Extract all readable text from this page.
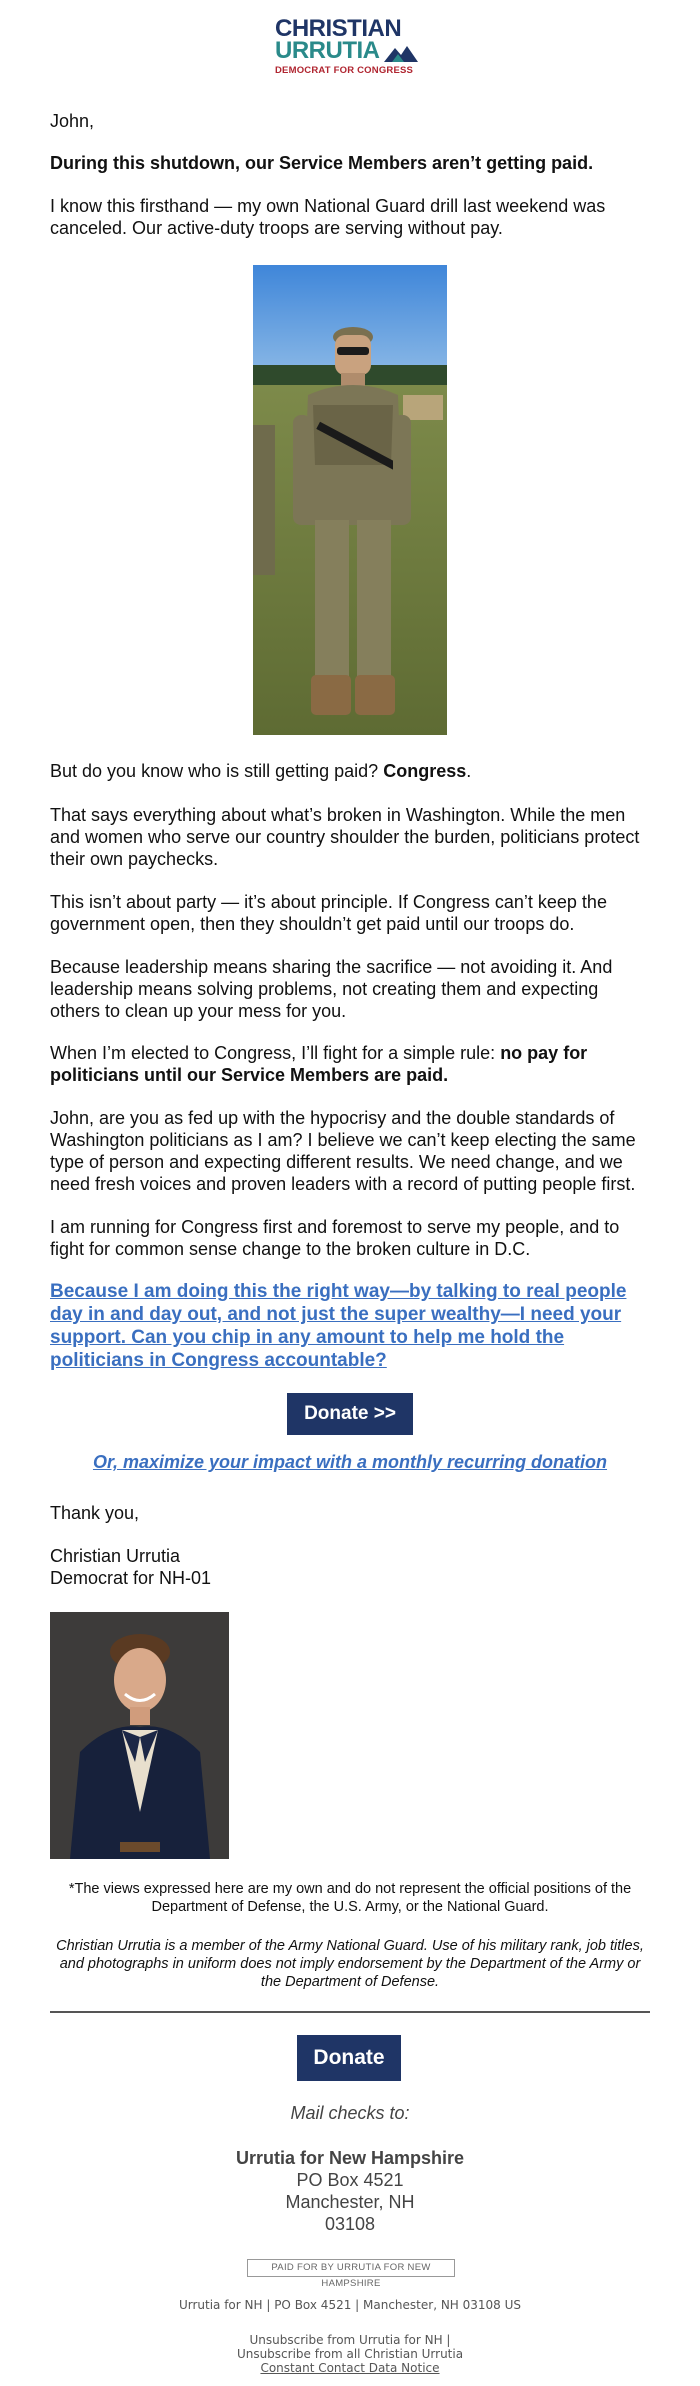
CHRISTIAN
URRUTIA
DEMOCRAT FOR CONGRESS
John,
During this shutdown, our Service Members aren’t getting paid.
I know this firsthand — my own National Guard drill last weekend was canceled. Our active-duty troops are serving without pay.
But do you know who is still getting paid? Congress.
That says everything about what’s broken in Washington. While the men and women who serve our country shoulder the burden, politicians protect their own paychecks.
This isn’t about party — it’s about principle. If Congress can’t keep the government open, then they shouldn’t get paid until our troops do.
Because leadership means sharing the sacrifice — not avoiding it. And leadership means solving problems, not creating them and expecting others to clean up your mess for you.
When I’m elected to Congress, I’ll fight for a simple rule: no pay for politicians until our Service Members are paid.
John, are you as fed up with the hypocrisy and the double standards of Washington politicians as I am? I believe we can’t keep electing the same type of person and expecting different results. We need change, and we need fresh voices and proven leaders with a record of putting people first.
I am running for Congress first and foremost to serve my people, and to fight for common sense change to the broken culture in D.C.
Because I am doing this the right way—by talking to real people day in and day out, and not just the super wealthy—I need your support. Can you chip in any amount to help me hold the politicians in Congress accountable?
Donate >>
Or, maximize your impact with a monthly recurring donation
Thank you,
Christian Urrutia
Democrat for NH-01
*The views expressed here are my own and do not represent the official positions of the Department of Defense, the U.S. Army, or the National Guard.
Christian Urrutia is a member of the Army National Guard. Use of his military rank, job titles, and photographs in uniform does not imply endorsement by the Department of the Army or the Department of Defense.
Donate
Mail checks to:
Urrutia for New Hampshire
PO Box 4521
Manchester, NH
03108
PAID FOR BY URRUTIA FOR NEW HAMPSHIRE
Urrutia for NH | PO Box 4521 | Manchester, NH 03108 US
Unsubscribe from Urrutia for NH |
Unsubscribe from all Christian Urrutia
Constant Contact Data Notice
